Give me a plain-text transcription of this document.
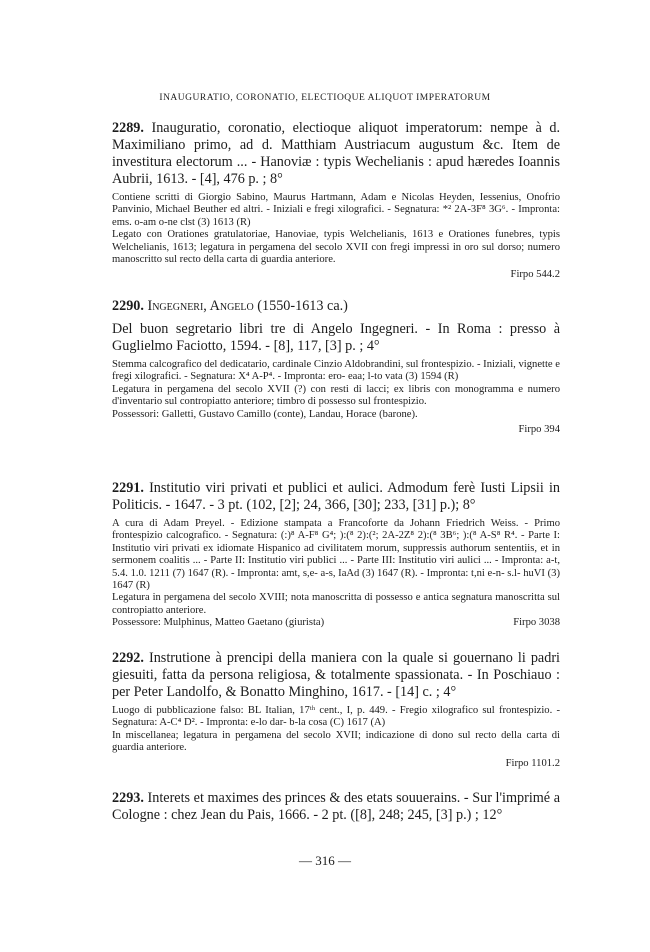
INAUGURATIO, CORONATIO, ELECTIOQUE ALIQUOT IMPERATORUM

2289. Inauguratio, coronatio, electioque aliquot imperatorum: nempe à d. Maximiliano primo, ad d. Matthiam Austriacum augustum &c. Item de investitura electorum ... - Hanoviæ : typis Wechelianis : apud hæredes Ioannis Aubrii, 1613. - [4], 476 p. ; 8°

Contiene scritti di Giorgio Sabino, Maurus Hartmann, Adam e Nicolas Heyden, Iessenius, Onofrio Panvinio, Michael Beuther ed altri. - Iniziali e fregi xilografici. - Segnatura: *² 2A-3F⁸ 3G⁶. - Impronta: ems. o-am o-ne clst (3) 1613 (R)

Legato con Orationes gratulatoriae, Hanoviae, typis Welchelianis, 1613 e Orationes funebres, typis Welchelianis, 1613; legatura in pergamena del secolo XVII con fregi impressi in oro sul dorso; numero manoscritto sul recto della carta di guardia anteriore.

Firpo 544.2

2290. Ingegneri, Angelo (1550-1613 ca.)

Del buon segretario libri tre di Angelo Ingegneri. - In Roma : presso à Guglielmo Faciotto, 1594. - [8], 117, [3] p. ; 4°

Stemma calcografico del dedicatario, cardinale Cinzio Aldobrandini, sul frontespizio. - Iniziali, vignette e fregi xilografici. - Segnatura: X⁴ A-P⁴. - Impronta: ero- eaa; l-to vata (3) 1594 (R)

Legatura in pergamena del secolo XVII (?) con resti di lacci; ex libris con monogramma e numero d'inventario sul contropiatto anteriore; timbro di possesso sul frontespizio.

Possessori: Galletti, Gustavo Camillo (conte), Landau, Horace (barone).

Firpo 394

2291. Institutio viri privati et publici et aulici. Admodum ferè Iusti Lipsii in Politicis. - 1647. - 3 pt. (102, [2]; 24, 366, [30]; 233, [31] p.); 8°

A cura di Adam Preyel. - Edizione stampata a Francoforte da Johann Friedrich Weiss. - Primo frontespizio calcografico. - Segnatura: (:)⁸ A-F⁸ G⁴; ):(⁸ 2):(²; 2A-2Z⁸ 2):(⁸ 3B⁶; ):(⁸ A-S⁸ R⁴. - Parte I: Institutio viri privati ex idiomate Hispanico ad civilitatem morum, suppressis authorum sententiis, et in sermonem coalitis ... - Parte II: Institutio viri publici ... - Parte III: Institutio viri aulici ... - Impronta: a-t, 5.4. 1.0. 1211 (7) 1647 (R). - Impronta: amt, s,e- a-s, IaAd (3) 1647 (R). - Impronta: t,ni e-n- s.l- huVI (3) 1647 (R)

Legatura in pergamena del secolo XVIII; nota manoscritta di possesso e antica segnatura manoscritta sul contropiatto anteriore.

Possessore: Mulphinus, Matteo Gaetano (giurista)	Firpo 3038

2292. Instrutione à prencipi della maniera con la quale si gouernano li padri giesuiti, fatta da persona religiosa, & totalmente spassionata. - In Poschiauo : per Peter Landolfo, & Bonatto Minghino, 1617. - [14] c. ; 4°

Luogo di pubblicazione falso: BL Italian, 17ᵗʰ cent., I, p. 449. - Fregio xilografico sul frontespizio. - Segnatura: A-C⁴ D². - Impronta: e-lo dar- b-la cosa (C) 1617 (A)

In miscellanea; legatura in pergamena del secolo XVII; indicazione di dono sul recto della carta di guardia anteriore.

Firpo 1101.2

2293. Interets et maximes des princes & des etats souuerains. - Sur l'imprimé a Cologne : chez Jean du Pais, 1666. - 2 pt. ([8], 248; 245, [3] p.) ; 12°

— 316 —
